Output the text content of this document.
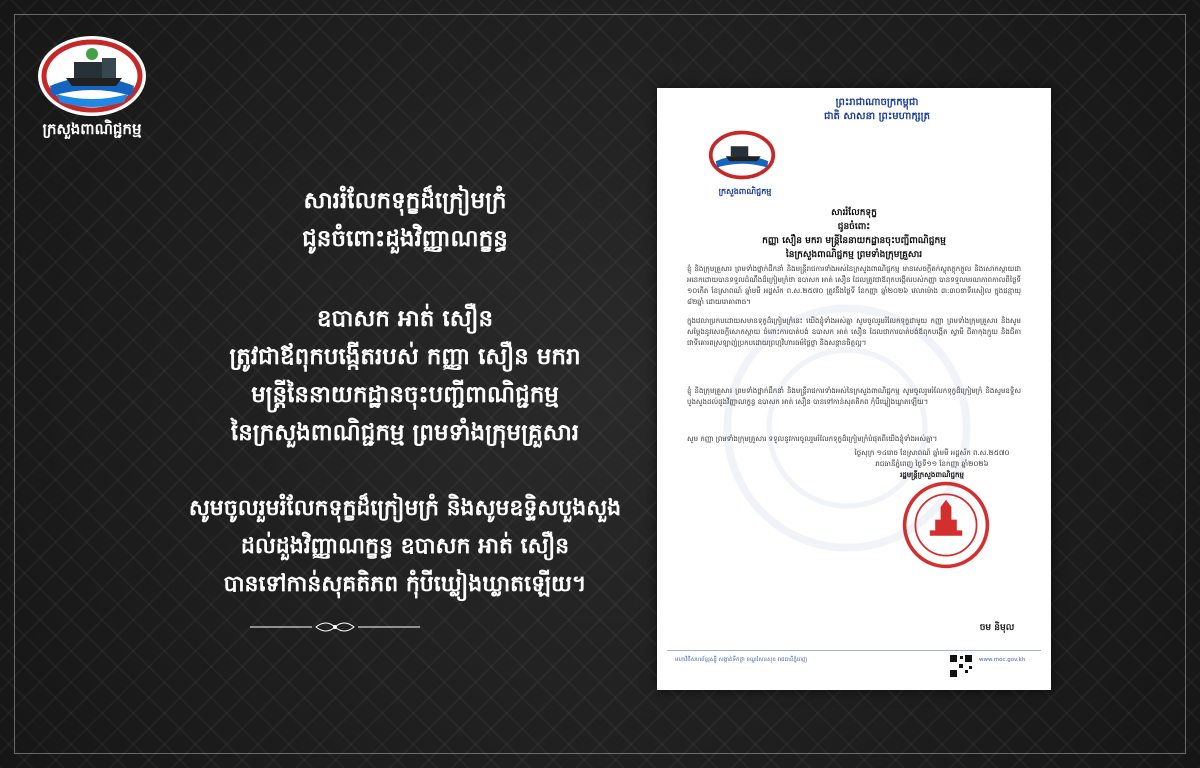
ក្រសួងពាណិជ្ជកម្ម
សាររំលែកទុក្ខដ៏ក្រៀមក្រំ
ជូនចំពោះដួងវិញ្ញាណក្ខន្ធ
ឧបាសក អាត់ សឿន
ត្រូវជាឪពុកបង្កើតរបស់ កញ្ញា សឿន មករា
មន្ត្រីនៃនាយកដ្ឋានចុះបញ្ជីពាណិជ្ជកម្ម
នៃក្រសួងពាណិជ្ជកម្ម ព្រមទាំងក្រុមគ្រួសារ
សូមចូលរួមរំលែកទុក្ខដ៏ក្រៀមក្រំ និងសូមឧទ្ទិសបួងសួង
ដល់ដួងវិញ្ញាណក្ខន្ធ ឧបាសក អាត់ សឿន
បានទៅកាន់សុគតិភព កុំបីឃ្លៀងឃ្លាតឡើយ។
ព្រះរាជាណាចក្រកម្ពុជា
ជាតិ សាសនា ព្រះមហាក្សត្រ
ក្រសួងពាណិជ្ជកម្ម
សាររំលែកទុក្ខ
ជូនចំពោះ
កញ្ញា សឿន មករា មន្ត្រីនៃនាយកដ្ឋានចុះបញ្ជីពាណិជ្ជកម្ម
នៃក្រសួងពាណិជ្ជកម្ម ព្រមទាំងក្រុមគ្រួសារ
ខ្ញុំ និងក្រុមគ្រួសារ ព្រមទាំងថ្នាក់ដឹកនាំ និងមន្ត្រីរាជការទាំងអស់នៃក្រសួងពាណិជ្ជកម្ម មានសេចក្តីតក់ស្លុតក្តុកក្តួល និងសោកស្តាយជាអនេកដោយបានទទួលដំណឹងដ៏ក្រៀមក្រំថា ឧបាសក អាត់ សឿន ដែលត្រូវជាឪពុកបង្កើតរបស់កញ្ញា បានទទួលមរណភាពកាលពីថ្ងៃទី ១០កើត ខែស្រាពណ៍ ឆ្នាំមមី អដ្ឋស័ក ព.ស.២៥៧០ ត្រូវនឹងថ្ងៃទី ខែកញ្ញា ឆ្នាំ២០២៦ វេលាម៉ោង ៣:៣០នាទីរសៀល ក្នុងជន្មាយុ ៨២ឆ្នាំ ដោយរោគាពាធ។
ក្នុងវេលាប្រកបដោយសមានទុក្ខដ៏ក្រៀមក្រំនេះ យើងខ្ញុំទាំងអស់គ្នា សូមចូលរួមរំលែកទុក្ខជាមួយ កញ្ញា ព្រមទាំងក្រុមគ្រួសារ និងសូមសម្តែងនូវសេចក្តីសោកស្តាយ ចំពោះការបាត់បង់ ឧបាសក អាត់ សឿន ដែលជាការបាត់បង់ឪពុកបង្កើត ស្វាមី ជីតាកុងក្មួយ និងជីតាជាទីគោរពស្រឡាញ់ប្រកបដោយព្រហ្មវិហារធម៌ថ្លៃថ្លា និងសន្តានចិត្តល្អ។
ខ្ញុំ និងក្រុមគ្រួសារ ព្រមទាំងថ្នាក់ដឹកនាំ និងមន្ត្រីរាជការទាំងអស់នៃក្រសួងពាណិជ្ជកម្ម សូមចូលរួមរំលែកទុក្ខដ៏ក្រៀមក្រំ និងសូមឧទ្ទិសបួងសួងដល់ដួងវិញ្ញាណក្ខន្ធ ឧបាសក អាត់ សឿន បានទៅកាន់សុគតិភព កុំបីឃ្លៀងឃ្លាតឡើយ។
សូម កញ្ញា ព្រមទាំងក្រុមគ្រួសារ ទទួលនូវការចូលរួមរំលែកទុក្ខដ៏ក្រៀមក្រំបំផុតពីយើងខ្ញុំទាំងអស់គ្នា។
ថ្ងៃសុក្រ ១៤រោច ខែស្រាពណ៍ ឆ្នាំមមី អដ្ឋស័ក ព.ស.២៥៧០
រាជធានីភ្នំពេញ ថ្ងៃទី១១ ខែកញ្ញា ឆ្នាំ២០២៦
រដ្ឋមន្ត្រីក្រសួងពាណិជ្ជកម្ម
ចម និមុល
មហាវិថីសហព័ន្ធរុស្ស៊ី សង្កាត់ទឹកថ្លា ខណ្ឌសែនសុខ រាជធានីភ្នំពេញ	www.moc.gov.kh
